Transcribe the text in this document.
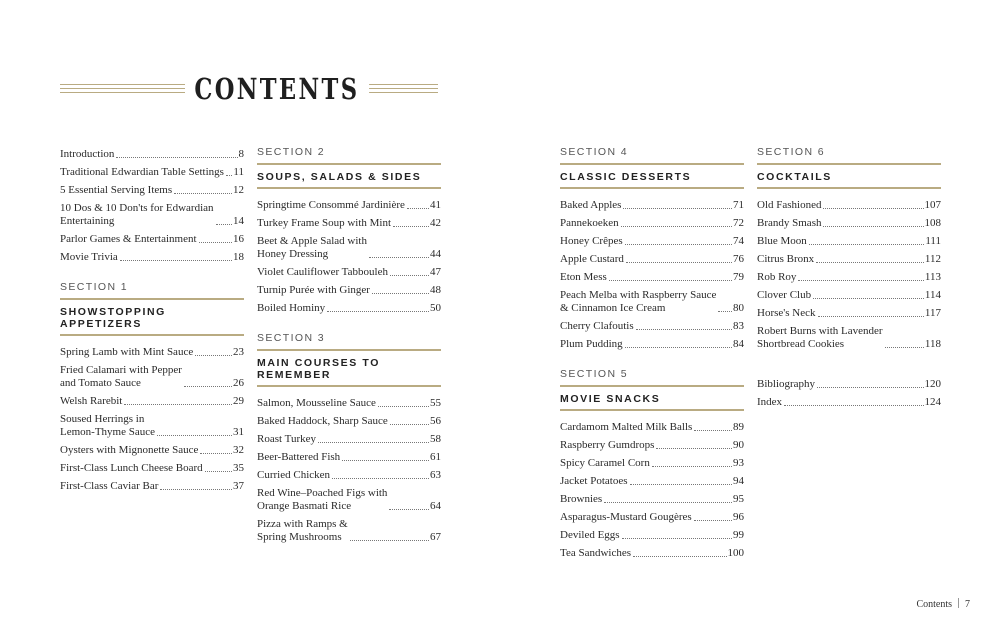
CONTENTS
Introduction	8
Traditional Edwardian Table Settings 11
5 Essential Serving Items	12
10 Dos & 10 Don'ts for Edwardian
Entertaining	14
Parlor Games & Entertainment	16
Movie Trivia	18
SECTION 1
SHOWSTOPPING APPETIZERS
Spring Lamb with Mint Sauce	23
Fried Calamari with Pepper
and Tomato Sauce	26
Welsh Rarebit	29
Soused Herrings in
Lemon-Thyme Sauce	31
Oysters with Mignonette Sauce	32
First-Class Lunch Cheese Board	35
First-Class Caviar Bar	37
SECTION 2
SOUPS, SALADS & SIDES
Springtime Consommé Jardinière 41
Turkey Frame Soup with Mint	42
Beet & Apple Salad with
Honey Dressing	44
Violet Cauliflower Tabbouleh	47
Turnip Purée with Ginger	48
Boiled Hominy	50
SECTION 3
MAIN COURSES TO REMEMBER
Salmon, Mousseline Sauce	55
Baked Haddock, Sharp Sauce	56
Roast Turkey	58
Beer-Battered Fish	61
Curried Chicken	63
Red Wine–Poached Figs with
Orange Basmati Rice	64
Pizza with Ramps &
Spring Mushrooms	67
SECTION 4
CLASSIC DESSERTS
Baked Apples	71
Pannekoeken	72
Honey Crêpes	74
Apple Custard	76
Eton Mess	79
Peach Melba with Raspberry Sauce
& Cinnamon Ice Cream	80
Cherry Clafoutis	83
Plum Pudding	84
SECTION 5
MOVIE SNACKS
Cardamom Malted Milk Balls	89
Raspberry Gumdrops	90
Spicy Caramel Corn	93
Jacket Potatoes	94
Brownies	95
Asparagus-Mustard Gougères	96
Deviled Eggs	99
Tea Sandwiches	100
SECTION 6
COCKTAILS
Old Fashioned	107
Brandy Smash	108
Blue Moon	111
Citrus Bronx	112
Rob Roy	113
Clover Club	114
Horse's Neck	117
Robert Burns with Lavender
Shortbread Cookies	118
Bibliography	120
Index	124
Contents 7
